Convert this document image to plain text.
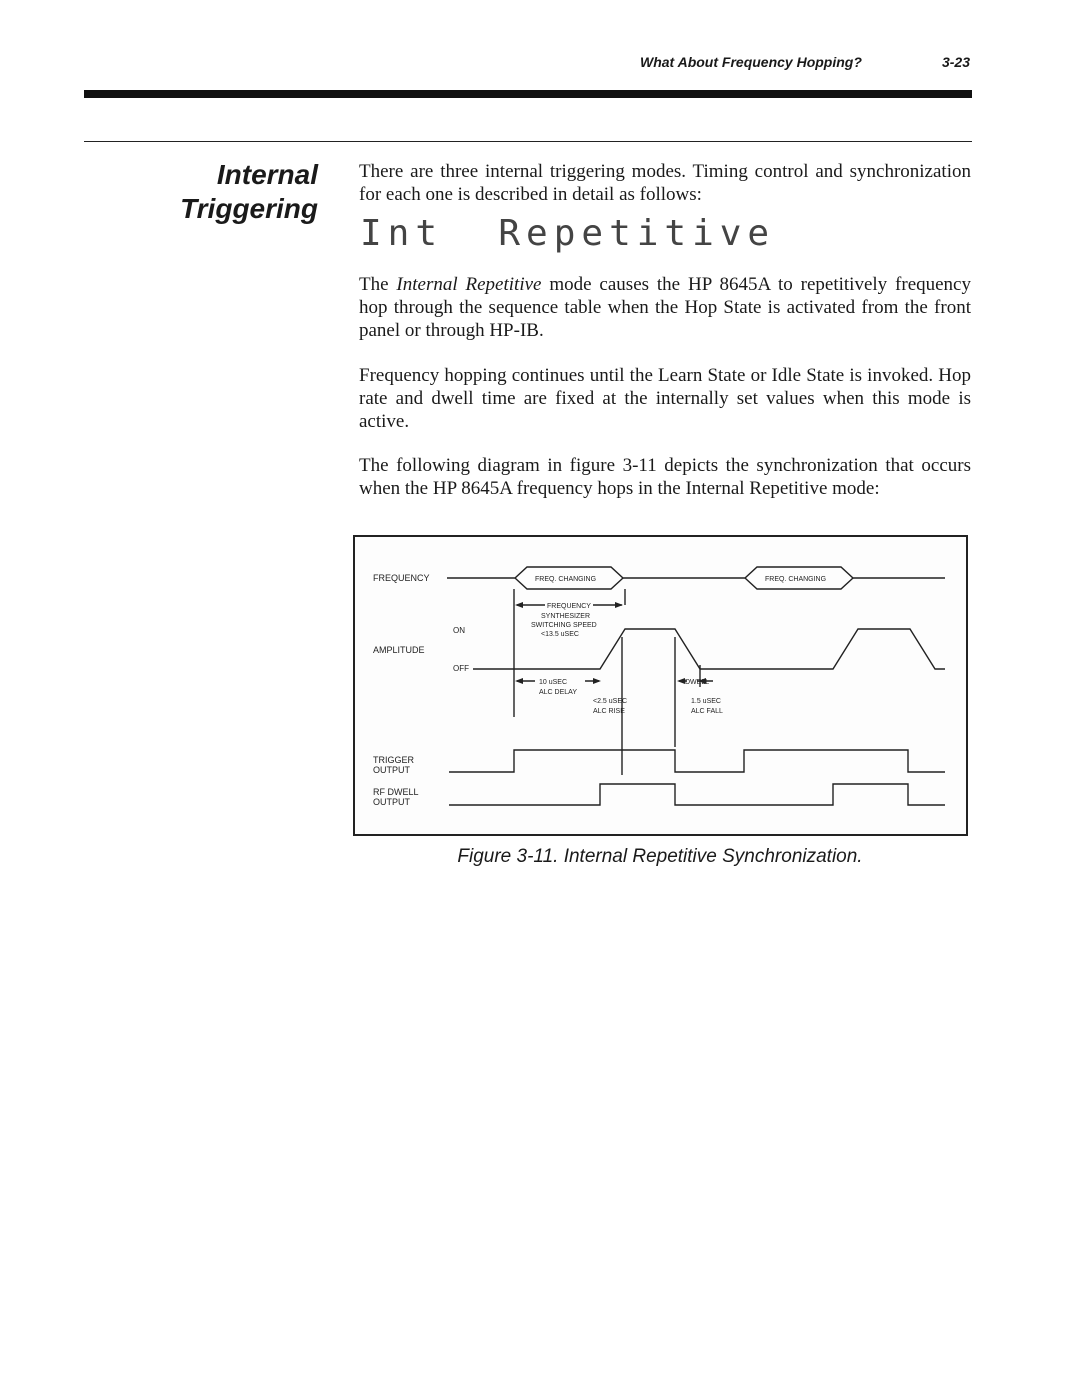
What About Frequency Hopping?	3-23
Internal
Triggering
There are three internal triggering modes. Timing control and synchronization for each one is described in detail as follows:
Int  Repetitive
The Internal Repetitive mode causes the HP 8645A to repetitively frequency hop through the sequence table when the Hop State is activated from the front panel or through HP-IB.
Frequency hopping continues until the Learn State or Idle State is invoked. Hop rate and dwell time are fixed at the internally set values when this mode is active.
The following diagram in figure 3-11 depicts the synchronization that occurs when the HP 8645A frequency hops in the Internal Repetitive mode:
FREQUENCY
AMPLITUDE
ON
OFF
TRIGGER
OUTPUT
RF DWELL
OUTPUT
FREQ. CHANGING	FREQ. CHANGING
FREQUENCY
SYNTHESIZER
SWITCHING SPEED
<13.5 uSEC
10 uSEC
ALC DELAY
<2.5 uSEC
ALC RISE
DWELL
1.5 uSEC
ALC FALL
Figure 3-11. Internal Repetitive Synchronization.
